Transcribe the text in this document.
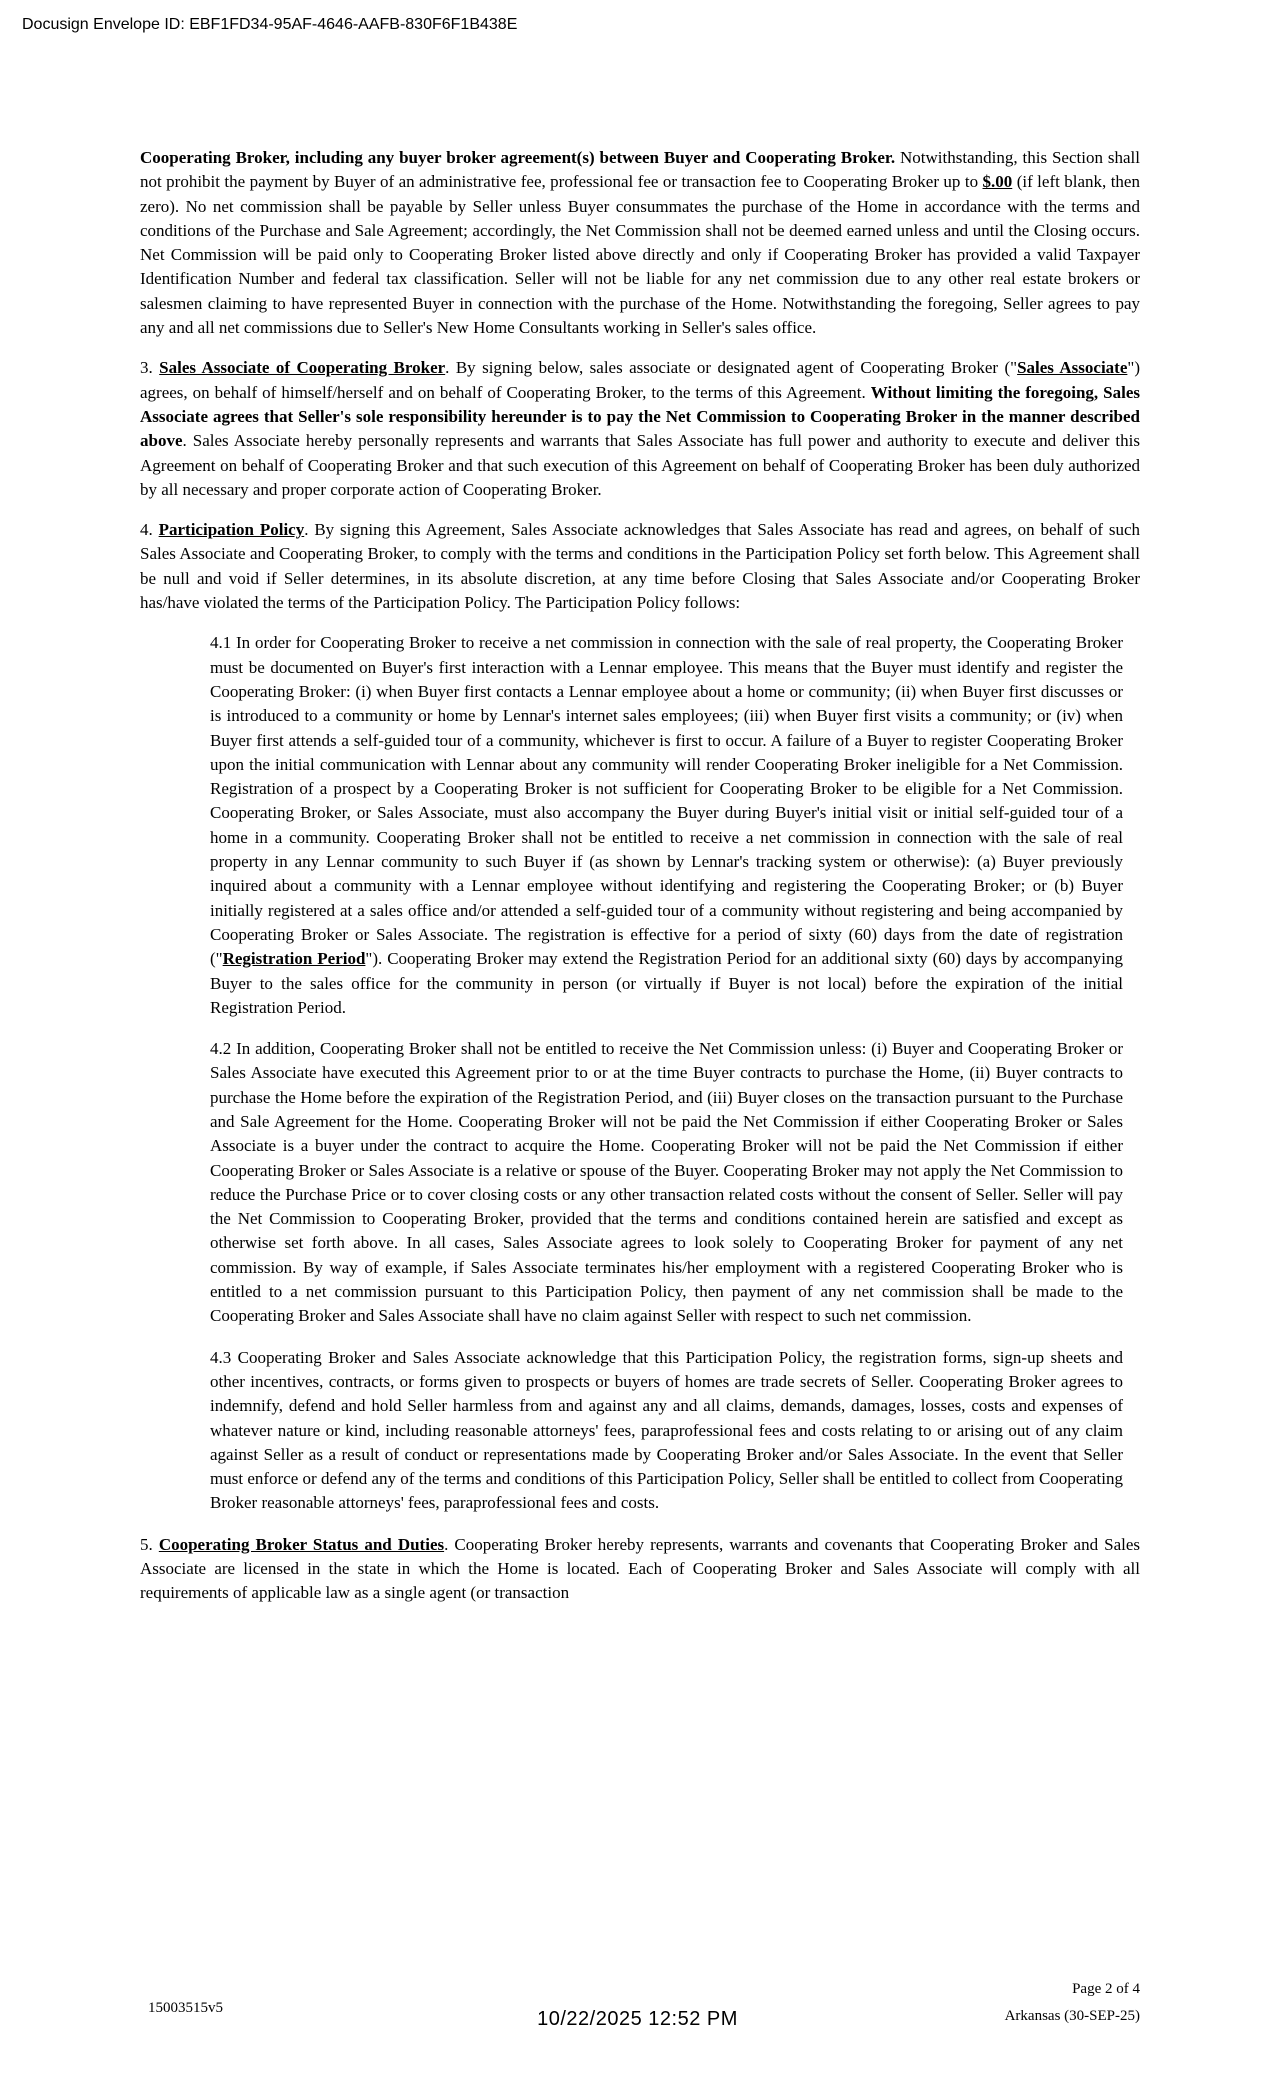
Docusign Envelope ID: EBF1FD34-95AF-4646-AAFB-830F6F1B438E

Cooperating Broker, including any buyer broker agreement(s) between Buyer and Cooperating Broker. Notwithstanding, this Section shall not prohibit the payment by Buyer of an administrative fee, professional fee or transaction fee to Cooperating Broker up to $.00 (if left blank, then zero). No net commission shall be payable by Seller unless Buyer consummates the purchase of the Home in accordance with the terms and conditions of the Purchase and Sale Agreement; accordingly, the Net Commission shall not be deemed earned unless and until the Closing occurs. Net Commission will be paid only to Cooperating Broker listed above directly and only if Cooperating Broker has provided a valid Taxpayer Identification Number and federal tax classification. Seller will not be liable for any net commission due to any other real estate brokers or salesmen claiming to have represented Buyer in connection with the purchase of the Home. Notwithstanding the foregoing, Seller agrees to pay any and all net commissions due to Seller's New Home Consultants working in Seller's sales office.

3. Sales Associate of Cooperating Broker. By signing below, sales associate or designated agent of Cooperating Broker ("Sales Associate") agrees, on behalf of himself/herself and on behalf of Cooperating Broker, to the terms of this Agreement. Without limiting the foregoing, Sales Associate agrees that Seller's sole responsibility hereunder is to pay the Net Commission to Cooperating Broker in the manner described above. Sales Associate hereby personally represents and warrants that Sales Associate has full power and authority to execute and deliver this Agreement on behalf of Cooperating Broker and that such execution of this Agreement on behalf of Cooperating Broker has been duly authorized by all necessary and proper corporate action of Cooperating Broker.

4. Participation Policy. By signing this Agreement, Sales Associate acknowledges that Sales Associate has read and agrees, on behalf of such Sales Associate and Cooperating Broker, to comply with the terms and conditions in the Participation Policy set forth below. This Agreement shall be null and void if Seller determines, in its absolute discretion, at any time before Closing that Sales Associate and/or Cooperating Broker has/have violated the terms of the Participation Policy. The Participation Policy follows:

4.1 In order for Cooperating Broker to receive a net commission in connection with the sale of real property, the Cooperating Broker must be documented on Buyer's first interaction with a Lennar employee. This means that the Buyer must identify and register the Cooperating Broker: (i) when Buyer first contacts a Lennar employee about a home or community; (ii) when Buyer first discusses or is introduced to a community or home by Lennar's internet sales employees; (iii) when Buyer first visits a community; or (iv) when Buyer first attends a self-guided tour of a community, whichever is first to occur. A failure of a Buyer to register Cooperating Broker upon the initial communication with Lennar about any community will render Cooperating Broker ineligible for a Net Commission. Registration of a prospect by a Cooperating Broker is not sufficient for Cooperating Broker to be eligible for a Net Commission. Cooperating Broker, or Sales Associate, must also accompany the Buyer during Buyer's initial visit or initial self-guided tour of a home in a community. Cooperating Broker shall not be entitled to receive a net commission in connection with the sale of real property in any Lennar community to such Buyer if (as shown by Lennar's tracking system or otherwise): (a) Buyer previously inquired about a community with a Lennar employee without identifying and registering the Cooperating Broker; or (b) Buyer initially registered at a sales office and/or attended a self-guided tour of a community without registering and being accompanied by Cooperating Broker or Sales Associate. The registration is effective for a period of sixty (60) days from the date of registration ("Registration Period"). Cooperating Broker may extend the Registration Period for an additional sixty (60) days by accompanying Buyer to the sales office for the community in person (or virtually if Buyer is not local) before the expiration of the initial Registration Period.

4.2 In addition, Cooperating Broker shall not be entitled to receive the Net Commission unless: (i) Buyer and Cooperating Broker or Sales Associate have executed this Agreement prior to or at the time Buyer contracts to purchase the Home, (ii) Buyer contracts to purchase the Home before the expiration of the Registration Period, and (iii) Buyer closes on the transaction pursuant to the Purchase and Sale Agreement for the Home. Cooperating Broker will not be paid the Net Commission if either Cooperating Broker or Sales Associate is a buyer under the contract to acquire the Home. Cooperating Broker will not be paid the Net Commission if either Cooperating Broker or Sales Associate is a relative or spouse of the Buyer. Cooperating Broker may not apply the Net Commission to reduce the Purchase Price or to cover closing costs or any other transaction related costs without the consent of Seller. Seller will pay the Net Commission to Cooperating Broker, provided that the terms and conditions contained herein are satisfied and except as otherwise set forth above. In all cases, Sales Associate agrees to look solely to Cooperating Broker for payment of any net commission. By way of example, if Sales Associate terminates his/her employment with a registered Cooperating Broker who is entitled to a net commission pursuant to this Participation Policy, then payment of any net commission shall be made to the Cooperating Broker and Sales Associate shall have no claim against Seller with respect to such net commission.

4.3 Cooperating Broker and Sales Associate acknowledge that this Participation Policy, the registration forms, sign-up sheets and other incentives, contracts, or forms given to prospects or buyers of homes are trade secrets of Seller. Cooperating Broker agrees to indemnify, defend and hold Seller harmless from and against any and all claims, demands, damages, losses, costs and expenses of whatever nature or kind, including reasonable attorneys' fees, paraprofessional fees and costs relating to or arising out of any claim against Seller as a result of conduct or representations made by Cooperating Broker and/or Sales Associate. In the event that Seller must enforce or defend any of the terms and conditions of this Participation Policy, Seller shall be entitled to collect from Cooperating Broker reasonable attorneys' fees, paraprofessional fees and costs.

5. Cooperating Broker Status and Duties. Cooperating Broker hereby represents, warrants and covenants that Cooperating Broker and Sales Associate are licensed in the state in which the Home is located. Each of Cooperating Broker and Sales Associate will comply with all requirements of applicable law as a single agent (or transaction

Page 2 of 4
15003515v5	Arkansas (30-SEP-25)
10/22/2025 12:52 PM
